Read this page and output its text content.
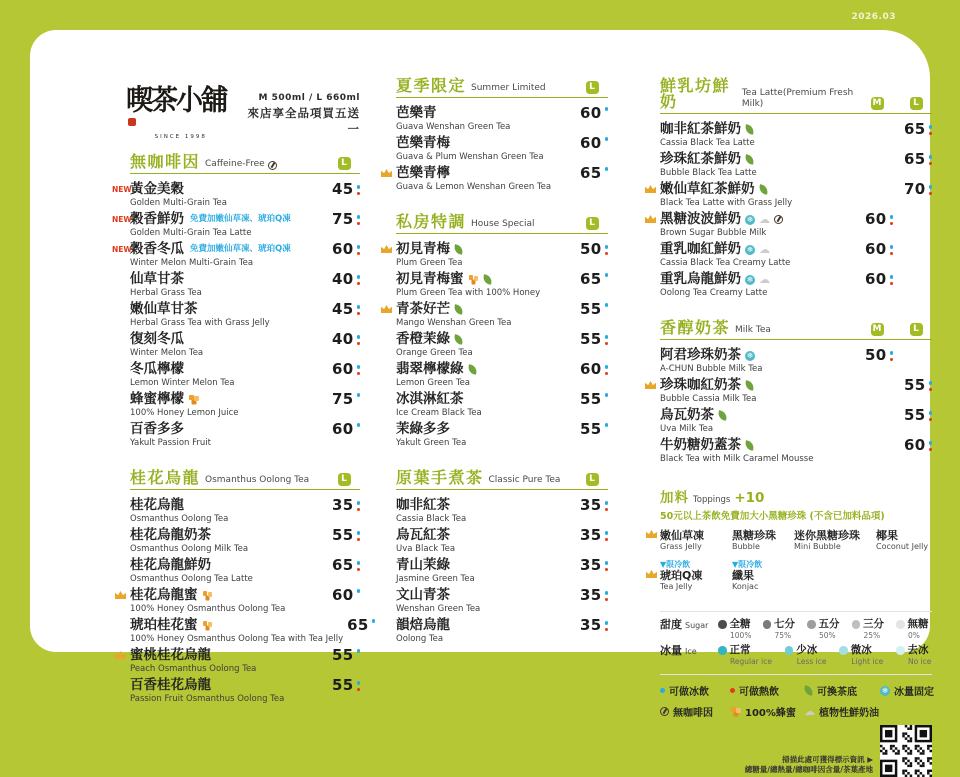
2026.03
喫茶小舖
SINCE 1998
M 500ml / L 660ml
來店享全品項買五送一
無咖啡因 Caffeine-Free	L
NEW
黃金美穀
Golden Multi-Grain Tea
45
NEW
穀香鮮奶 免費加嫩仙草凍、琥珀Q凍
Golden Multi-Grain Tea Latte
75
NEW
穀香冬瓜 免費加嫩仙草凍、琥珀Q凍
Winter Melon Multi-Grain Tea
60
仙草甘茶
Herbal Grass Tea
40
嫩仙草甘茶
Herbal Grass Tea with Grass Jelly
45
復刻冬瓜
Winter Melon Tea
40
冬瓜檸檬
Lemon Winter Melon Tea
60
蜂蜜檸檬
100% Honey Lemon Juice
75
百香多多
Yakult Passion Fruit
60
桂花烏龍 Osmanthus Oolong Tea	L
桂花烏龍
Osmanthus Oolong Tea
35
桂花烏龍奶茶
Osmanthus Oolong Milk Tea
55
桂花烏龍鮮奶
Osmanthus Oolong Tea Latte
65
桂花烏龍蜜
100% Honey Osmanthus Oolong Tea
60
琥珀桂花蜜
100% Honey Osmanthus Oolong Tea with Tea Jelly
65
蜜桃桂花烏龍
Peach Osmanthus Oolong Tea
55
百香桂花烏龍
Passion Fruit Osmanthus Oolong Tea
55
夏季限定 Summer Limited	L
芭樂青
Guava Wenshan Green Tea
60
芭樂青梅
Guava & Plum Wenshan Green Tea
60
芭樂青檸
Guava & Lemon Wenshan Green Tea
65
私房特調 House Special	L
初見青梅
Plum Green Tea
50
初見青梅蜜
Plum Green Tea with 100% Honey
65
青茶好芒
Mango Wenshan Green Tea
55
香橙茉綠
Orange Green Tea
55
翡翠檸檬綠
Lemon Green Tea
60
冰淇淋紅茶
Ice Cream Black Tea
55
茉綠多多
Yakult Green Tea
55
原葉手煮茶 Classic Pure Tea	L
咖非紅茶
Cassia Black Tea
35
烏瓦紅茶
Uva Black Tea
35
青山茉綠
Jasmine Green Tea
35
文山青茶
Wenshan Green Tea
35
韻焙烏龍
Oolong Tea
35
鮮乳坊鮮奶	Tea Latte(Premium Fresh Milk)	M	L
咖非紅茶鮮奶
Cassia Black Tea Latte
65
珍珠紅茶鮮奶
Bubble Black Tea Latte
65
嫩仙草紅茶鮮奶
Black Tea Latte with Grass Jelly
70
黑糖波波鮮奶
❄
☁
Brown Sugar Bubble Milk
60
重乳咖紅鮮奶
❄
☁
Cassia Black Tea Creamy Latte
60
重乳烏龍鮮奶
❄
☁
Oolong Tea Creamy Latte
60
香醇奶茶 Milk Tea	M	L
阿君珍珠奶茶
❄
A-CHUN Bubble Milk Tea
50
珍珠咖紅奶茶
Bubble Cassia Milk Tea
55
烏瓦奶茶
Uva Milk Tea
55
牛奶糖奶蓋茶
Black Tea with Milk Caramel Mousse
60
加料 Toppings +10
50元以上茶飲免費加大小黑糖珍珠 (不含已加料品項)
嫩仙草凍
Grass Jelly
黑糖珍珠
Bubble
迷你黑糖珍珠
Mini Bubble
椰果
Coconut Jelly
▼限冷飲
琥珀Q凍
Tea Jelly
▼限冷飲
纖果
Konjac
甜度 Sugar 全糖
100%
七分
75%
五分
50%
三分
25%
無糖
0%
冰量 Ice	正常
Regular ice
少冰
Less ice
微冰
Light ice
去冰
No ice
可做冰飲	可做熱飲	可換茶底 ❄	冰量固定
無咖啡因	100%蜂蜜 ☁ 植物性鮮奶油
掃描此處可獲得標示資訊 ▶
總糖量/總熱量/總咖啡因含量/茶葉產地
